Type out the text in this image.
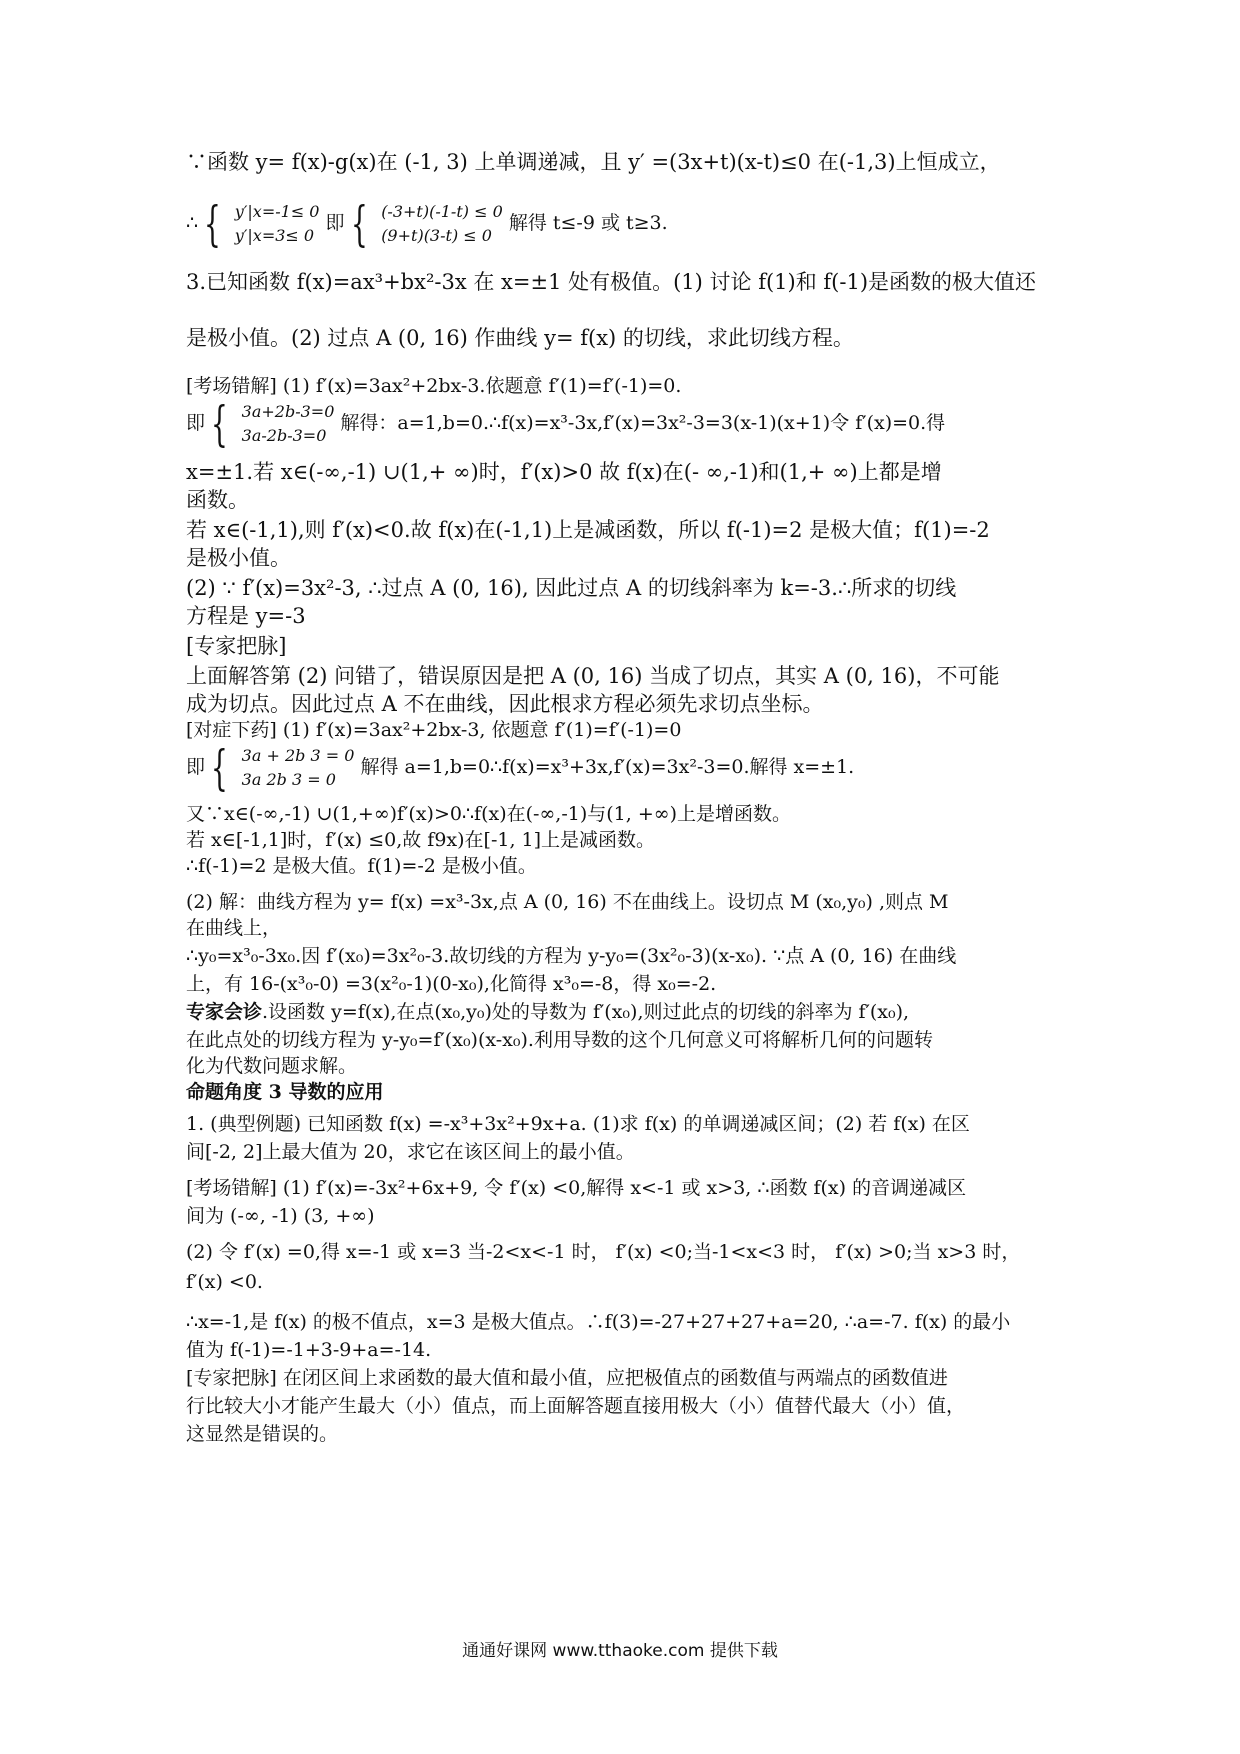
∵函数 y= f(x)-g(x)在 (-1, 3) 上单调递减，且 y′ =(3x+t)(x-t)≤0 在(-1,3)上恒成立，
∴ { y′|x=-1≤ 0
y′|x=3≤ 0
即 { (-3+t)(-1-t) ≤ 0
(9+t)(3-t) ≤ 0
解得 t≤-9 或 t≥3.
3.已知函数 f(x)=ax³+bx²-3x 在 x=±1 处有极值。(1) 讨论 f(1)和 f(-1)是函数的极大值还
是极小值。(2) 过点 A (0, 16) 作曲线 y= f(x) 的切线，求此切线方程。
[考场错解] (1) f′(x)=3ax²+2bx-3.依题意 f′(1)=f′(-1)=0.
即 { 3a+2b-3=0
3a-2b-3=0
解得：a=1,b=0.∴f(x)=x³-3x,f′(x)=3x²-3=3(x-1)(x+1)令 f′(x)=0.得
x=±1.若 x∈(-∞,-1) ∪(1,+ ∞)时，f′(x)>0 故 f(x)在(- ∞,-1)和(1,+ ∞)上都是增
函数。
若 x∈(-1,1),则 f′(x)<0.故 f(x)在(-1,1)上是减函数，所以 f(-1)=2 是极大值；f(1)=-2
是极小值。
(2) ∵ f′(x)=3x²-3, ∴过点 A (0, 16), 因此过点 A 的切线斜率为 k=-3.∴所求的切线
方程是 y=-3
[专家把脉]
上面解答第 (2) 问错了，错误原因是把 A (0, 16) 当成了切点，其实 A (0, 16)，不可能
成为切点。因此过点 A 不在曲线，因此根求方程必须先求切点坐标。
[对症下药] (1) f′(x)=3ax²+2bx-3, 依题意 f′(1)=f′(-1)=0
即 { 3a + 2b 3 = 0
3a 2b 3 = 0
解得 a=1,b=0∴f(x)=x³+3x,f′(x)=3x²-3=0.解得 x=±1.
又∵x∈(-∞,-1) ∪(1,+∞)f′(x)>0∴f(x)在(-∞,-1)与(1, +∞)上是增函数。
若 x∈[-1,1]时，f′(x) ≤0,故 f9x)在[-1, 1]上是减函数。
∴f(-1)=2 是极大值。f(1)=-2 是极小值。
(2) 解：曲线方程为 y= f(x) =x³-3x,点 A (0, 16) 不在曲线上。设切点 M (x₀,y₀) ,则点 M
在曲线上，
∴y₀=x³₀-3x₀.因 f′(x₀)=3x²₀-3.故切线的方程为 y-y₀=(3x²₀-3)(x-x₀). ∵点 A (0, 16) 在曲线
上，有 16-(x³₀-0) =3(x²₀-1)(0-x₀),化简得 x³₀=-8，得 x₀=-2.
专家会诊.设函数 y=f(x),在点(x₀,y₀)处的导数为 f′(x₀),则过此点的切线的斜率为 f′(x₀),
在此点处的切线方程为 y-y₀=f′(x₀)(x-x₀).利用导数的这个几何意义可将解析几何的问题转
化为代数问题求解。
命题角度 3 导数的应用
1. (典型例题) 已知函数 f(x) =-x³+3x²+9x+a. (1)求 f(x) 的单调递减区间；(2) 若 f(x) 在区
间[-2, 2]上最大值为 20，求它在该区间上的最小值。
[考场错解] (1) f′(x)=-3x²+6x+9, 令 f′(x) <0,解得 x<-1 或 x>3, ∴函数 f(x) 的音调递减区
间为 (-∞, -1) (3, +∞)
(2) 令 f′(x) =0,得 x=-1 或 x=3 当-2<x<-1 时， f′(x) <0;当-1<x<3 时， f′(x) >0;当 x>3 时，
f′(x) <0.
∴x=-1,是 f(x) 的极不值点，x=3 是极大值点。∴f(3)=-27+27+27+a=20, ∴a=-7. f(x) 的最小
值为 f(-1)=-1+3-9+a=-14.
[专家把脉] 在闭区间上求函数的最大值和最小值，应把极值点的函数值与两端点的函数值进
行比较大小才能产生最大（小）值点，而上面解答题直接用极大（小）值替代最大（小）值，
这显然是错误的。
通通好课网 www.tthaoke.com 提供下载
